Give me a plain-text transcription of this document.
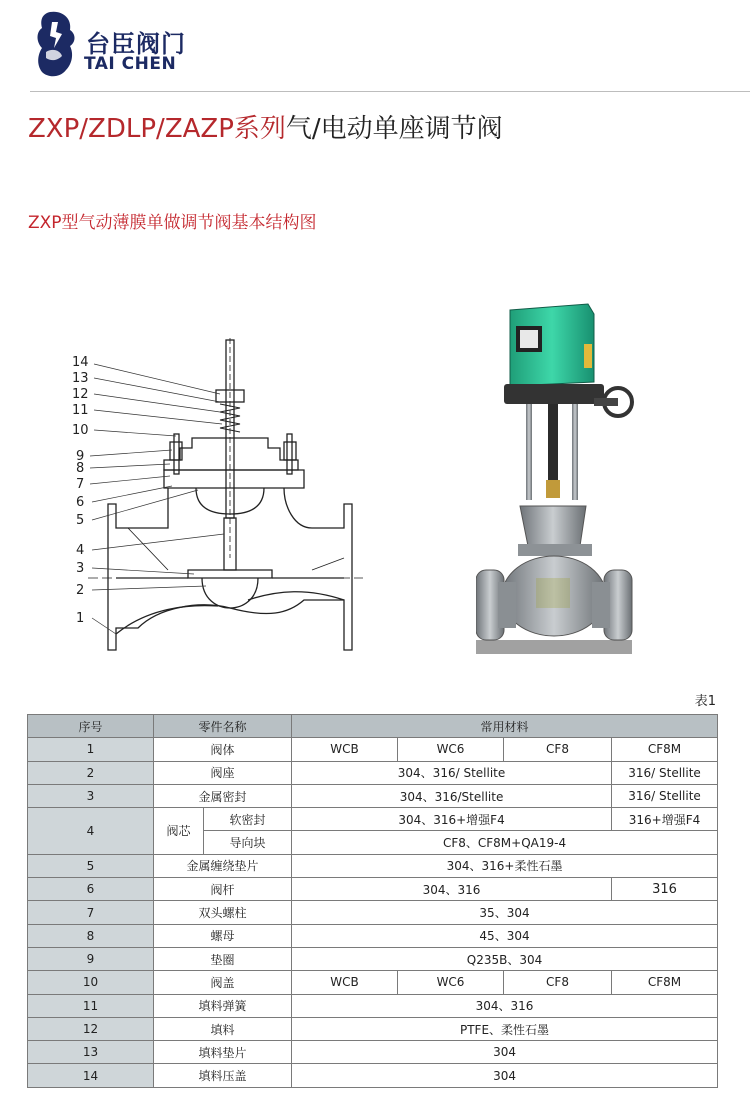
台臣阀门
TAI CHEN
ZXP/ZDLP/ZAZP系列气/电动单座调节阀
ZXP型气动薄膜单做调节阀基本结构图
14
13
12
11
10
9
8
7
6
5
4
3
2
1
表1
序号	零件名称		常用材料			
1	阀体		WCB	WC6	CF8	CF8M
2	阀座		304、316/ Stellite			316/ Stellite
3	金属密封		304、316/Stellite			316/ Stellite
4	阀芯	软密封	304、316+增强F4			316+增强F4
		导向块	CF8、CF8M+QA19-4			
5	金属缠绕垫片		304、316+柔性石墨			
6	阀杆		304、316			316
7	双头螺柱		35、304			
8	螺母		45、304			
9	垫圈		Q235B、304			
10	阀盖		WCB	WC6	CF8	CF8M
11	填料弹簧		304、316			
12	填料		PTFE、柔性石墨			
13	填料垫片		304			
14	填料压盖		304			
